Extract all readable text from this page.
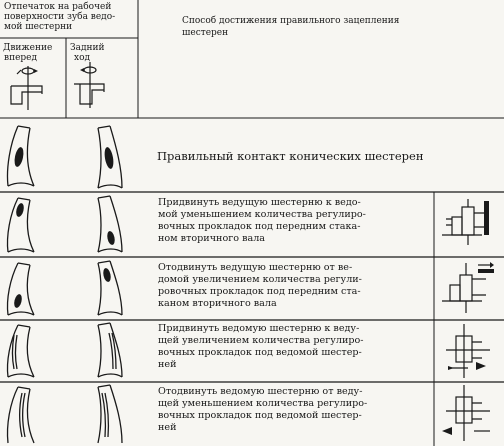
Отпечаток на рабочей
поверхности зуба ведо-
мой шестерни
Движение
вперед
Задний
ход
Способ достижения правильного зацепления
шестерен
Правильный контакт конических шестерен
Придвинуть ведущую шестерню к ведо-
мой уменьшением количества регулиро-
вочных прокладок под передним стака-
ном вторичного вала
Отодвинуть ведущую шестерню от ве-
домой увеличением количества регули-
ровочных прокладок под передним ста-
каном вторичного вала
Придвинуть ведомую шестерню к веду-
щей увеличением количества регулиро-
вочных прокладок под ведомой шестер-
ней
Отодвинуть ведомую шестерню от веду-
щей уменьшением количества регулиро-
вочных прокладок под ведомой шестер-
ней
